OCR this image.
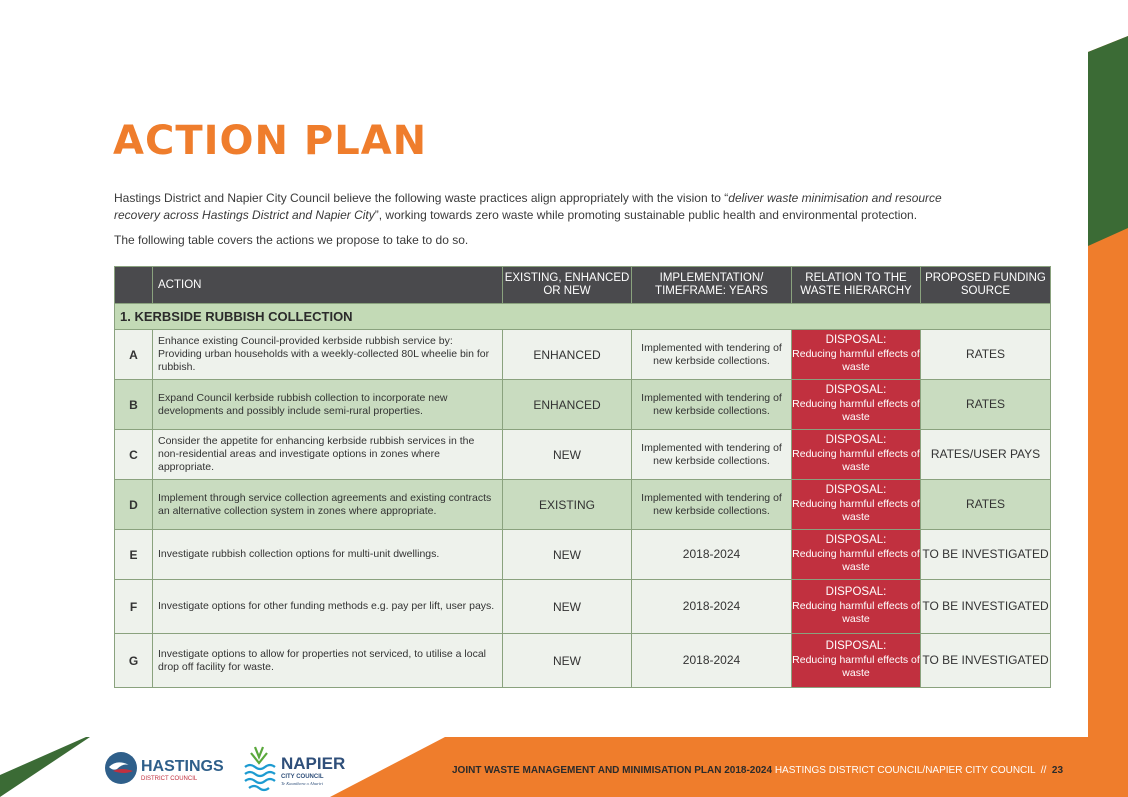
ACTION PLAN

Hastings District and Napier City Council believe the following waste practices align appropriately with the vision to “deliver waste minimisation and resource recovery across Hastings District and Napier City”, working towards zero waste while promoting sustainable public health and environmental protection.

The following table covers the actions we propose to take to do so.

	ACTION	EXISTING, ENHANCED OR NEW	IMPLEMENTATION/ TIMEFRAME: YEARS	RELATION TO THE WASTE HIERARCHY	PROPOSED FUNDING SOURCE
1. KERBSIDE RUBBISH COLLECTION					
A	Enhance existing Council-provided kerbside rubbish service by: Providing urban households with a weekly-collected 80L wheelie bin for rubbish.	ENHANCED	Implemented with tendering of new kerbside collections.	DISPOSAL:
Reducing harmful effects of waste	RATES
B	Expand Council kerbside rubbish collection to incorporate new developments and possibly include semi-rural properties.	ENHANCED	Implemented with tendering of new kerbside collections.	DISPOSAL:
Reducing harmful effects of waste	RATES
C	Consider the appetite for enhancing kerbside rubbish services in the non-residential areas and investigate options in zones where appropriate.	NEW	Implemented with tendering of new kerbside collections.	DISPOSAL:
Reducing harmful effects of waste	RATES/USER PAYS
D	Implement through service collection agreements and existing contracts an alternative collection system in zones where appropriate.	EXISTING	Implemented with tendering of new kerbside collections.	DISPOSAL:
Reducing harmful effects of waste	RATES
E	Investigate rubbish collection options for multi-unit dwellings.	NEW	2018-2024	DISPOSAL:
Reducing harmful effects of waste	TO BE INVESTIGATED
F	Investigate options for other funding methods e.g. pay per lift, user pays.	NEW	2018-2024	DISPOSAL:
Reducing harmful effects of waste	TO BE INVESTIGATED
G	Investigate options to allow for properties not serviced, to utilise a local drop off facility for waste.	NEW	2018-2024	DISPOSAL:
Reducing harmful effects of waste	TO BE INVESTIGATED
HASTINGS
DISTRICT COUNCIL
NAPIER
CITY COUNCIL
Te Kaunihera o Ahuriri
JOINT WASTE MANAGEMENT AND MINIMISATION PLAN 2018-2024 HASTINGS DISTRICT COUNCIL/NAPIER CITY COUNCIL // 23
